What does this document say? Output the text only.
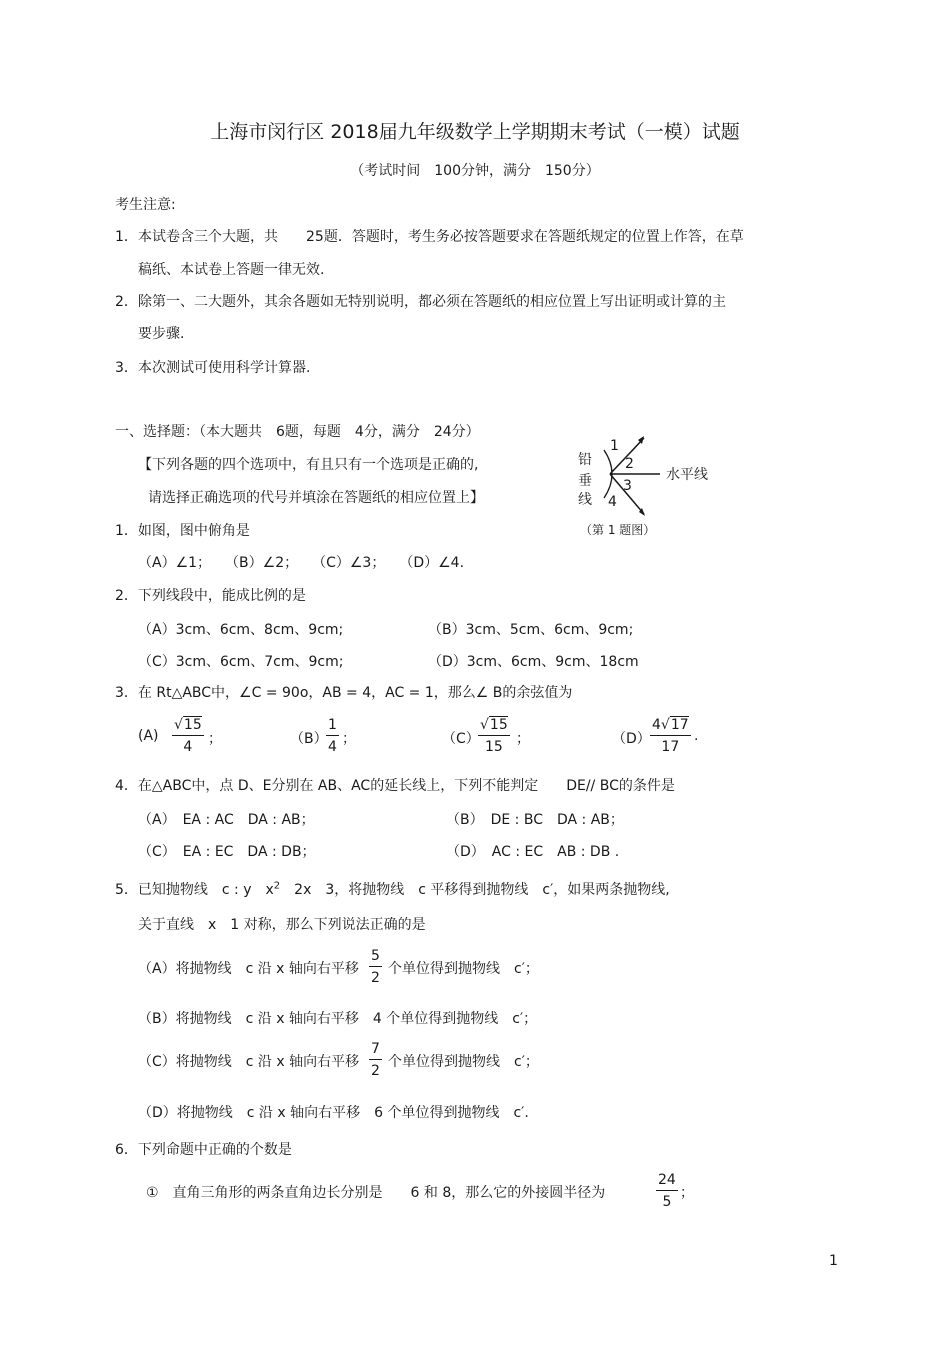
上海市闵行区 2018届九年级数学上学期期末考试（一模）试题
（考试时间　100分钟，满分　150分）
考生注意:
1． 本试卷含三个大题，共　　25题．答题时，考生务必按答题要求在答题纸规定的位置上作答，在草
稿纸、本试卷上答题一律无效.
2． 除第一、二大题外，其余各题如无特别说明，都必须在答题纸的相应位置上写出证明或计算的主
要步骤.
3． 本次测试可使用科学计算器.
一、选择题：（本大题共　6题，每题　4分，满分　24分）
【下列各题的四个选项中，有且只有一个选项是正确的,
请选择正确选项的代号并填涂在答题纸的相应位置上】
铅
垂
线
1
2
3
4
水平线
（第 1 题图）
1．如图，图中俯角是
（A）∠1；　　（B）∠2；　　（C）∠3；　　（D）∠4.
2．下列线段中，能成比例的是
（A）3cm、6cm、8cm、9cm;	（B）3cm、5cm、6cm、9cm;
（C）3cm、6cm、7cm、9cm;	（D）3cm、6cm、9cm、18cm
3．在 Rt△ABC中，∠C = 90o，AB = 4，AC = 1，那么∠ B的余弦值为
$(A) \frac{√15}{4}$ ；	（B）
$\frac{1}{4}$ ；	（C）
$\frac{√15}{15}$ ；	$(D) \frac{4√17}{17}$ .
4．在△ABC中，点 D、E分别在 AB、AC的延长线上，下列不能判定　　DE// BC的条件是
（A）　EA : AC　DA : AB；	（B）　DE : BC　DA : AB；
（C）　EA : EC　DA : DB；	（D）　AC : EC　AB : DB .
5．已知抛物线　c : y　$x^2$　2x　3，将抛物线　c 平移得到抛物线　c′，如果两条抛物线,
关于直线　x　1 对称，那么下列说法正确的是
（A）将抛物线　c 沿 x 轴向右平移 $\frac{5}{2}$ 个单位得到抛物线　c′；
（B）将抛物线　c 沿 x 轴向右平移　4 个单位得到抛物线　c′；
（C）将抛物线　c 沿 x 轴向右平移 $\frac{7}{2}$ 个单位得到抛物线　c′；
（D）将抛物线　c 沿 x 轴向右平移　6 个单位得到抛物线　c′.
6．下列命题中正确的个数是
①　直角三角形的两条直角边长分别是　　6 和 8，那么它的外接圆半径为	$\frac{24}{5}$ ；
1
